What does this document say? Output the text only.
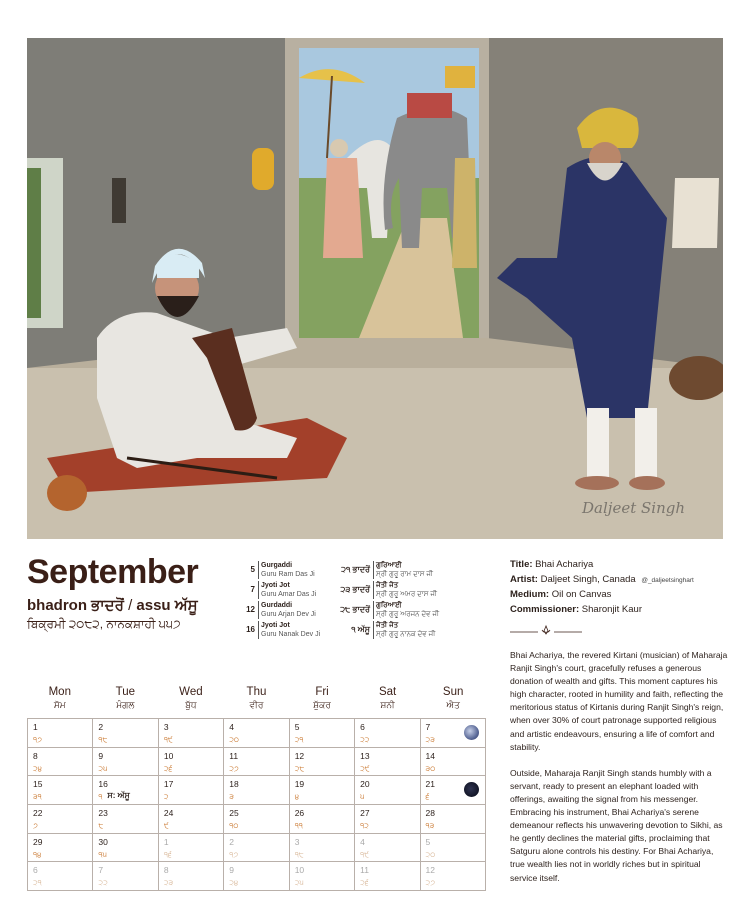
Daljeet Singh
September
bhadron ਭਾਦਰੋਂ / assu ਅੱਸੂ
ਬਿਕ੍ਰਮੀ ੨੦੮੨, ਨਾਨਕਸ਼ਾਹੀ ੫੫੭
5 Gurgaddi
Guru Ram Das Ji
7 Jyoti Jot
Guru Amar Das Ji
12 Gurdaddi
Guru Arjan Dev Ji
16 Jyoti Jot
Guru Nanak Dev Ji
੨੧ ਭਾਦਰੋਂ ਗੁਰਿਆਈ
ਸ੍ਰੀ ਗੁਰੂ ਰਾਮ ਦਾਸ ਜੀ
੨੩ ਭਾਦਰੋਂ ਜੋਤੀ ਜੋਤ
ਸ੍ਰੀ ਗੁਰੂ ਅਮਰ ਦਾਸ ਜੀ
੨੮ ਭਾਦਰੋਂ ਗੁਰਿਆਈ
ਸ੍ਰੀ ਗੁਰੂ ਅਰਜਨ ਦੇਵ ਜੀ
੧ ਅੱਸੂ ਜੋਤੀ ਜੋਤ
ਸ੍ਰੀ ਗੁਰੂ ਨਾਨਕ ਦੇਵ ਜੀ
Title: Bhai Achariya
Artist: Daljeet Singh, Canada @_daljeetsinghart
Medium: Oil on Canvas
Commissioner: Sharonjit Kaur

Bhai Achariya, the revered Kirtani (musician) of Maharaja Ranjit Singh's court, gracefully refuses a generous donation of wealth and gifts. This moment captures his high character, rooted in humility and faith, reflecting the meritorious status of Kirtanis during Ranjit Singh's reign, when over 30% of court patronage supported religious and artistic endeavours, ensuring a life of comfort and stability.

Outside, Maharaja Ranjit Singh stands humbly with a servant, ready to present an elephant loaded with offerings, awaiting the signal from his messenger. Embracing his instrument, Bhai Achariya's serene demeanour reflects his unwavering devotion to Sikhi, as he gently declines the material gifts, proclaiming that Satguru alone controls his destiny. For Bhai Achariya, true wealth lies not in worldly riches but in spiritual service itself.

Mon
ਸੋਮ
Tue
ਮੰਗਲ
Wed
ਬੁੱਧ
Thu
ਵੀਰ
Fri
ਸ਼ੁੱਕਰ
Sat
ਸ਼ਨੀ
Sun
ਐਤ
1
੧੭
2
੧੮
3
੧੯
4
੨੦
5
੨੧
6
੨੨
7
੨੩
8
੨੪
9
੨੫
10
੨੬
11
੨੭
12
੨੮
13
੨੯
14
੩੦
15
੩੧
16
੧ ਸ: ਅੱਸੂ
17
੨
18
੩
19
੪
20
੫
21
੬
22
੭
23
੮
24
੯
25
੧੦
26
੧੧
27
੧੨
28
੧੩
29
੧੪
30
੧੫
1
੧੬
2
੧੭
3
੧੮
4
੧੯
5
੨੦
6
੨੧
7
੨੨
8
੨੩
9
੨੪
10
੨੫
11
੨੬
12
੨੭
